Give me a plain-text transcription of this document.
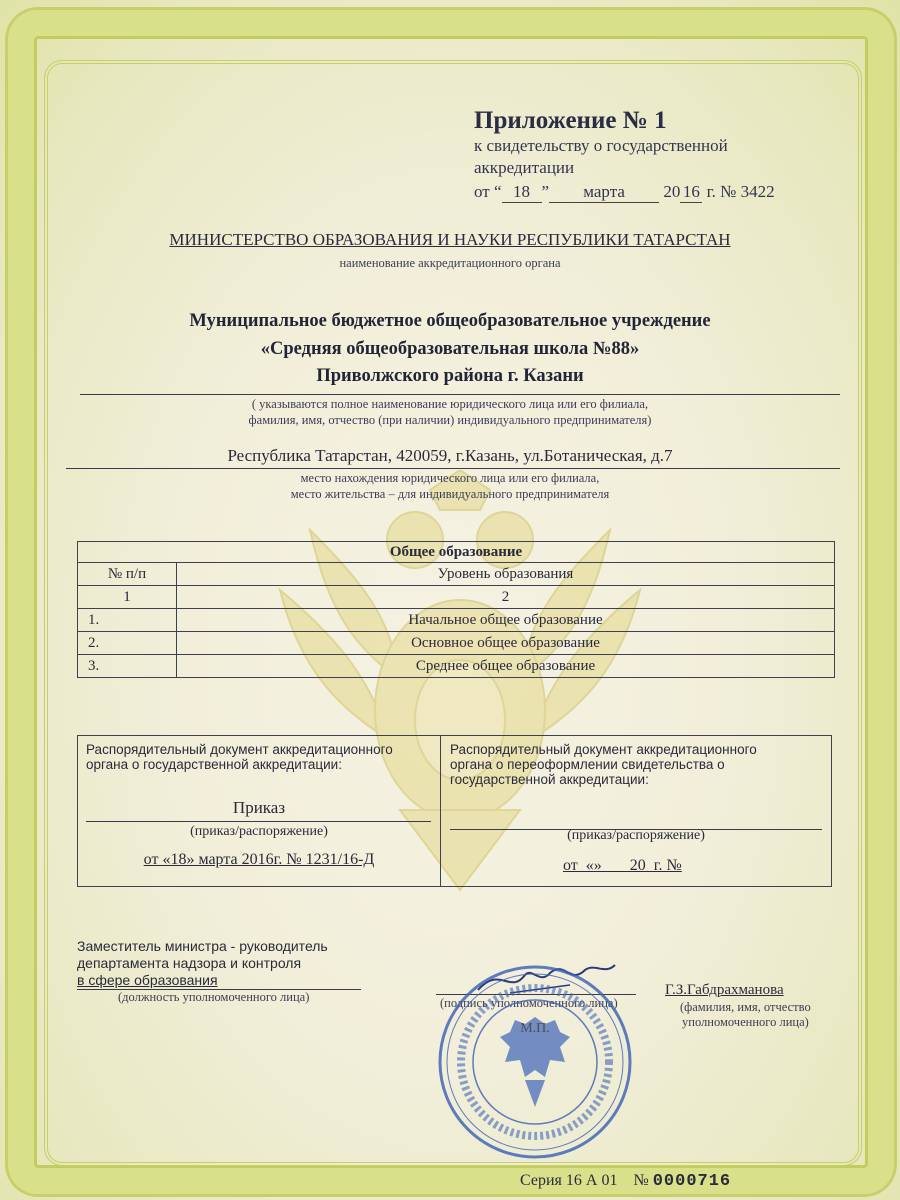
Приложение № 1
к свидетельству о государственной
аккредитации
от “ 18 ” марта 20 16 г. № 3422
МИНИСТЕРСТВО ОБРАЗОВАНИЯ И НАУКИ РЕСПУБЛИКИ ТАТАРСТАН
наименование аккредитационного органа
Муниципальное бюджетное общеобразовательное учреждение
«Средняя общеобразовательная школа №88»
Приволжского района г. Казани
( указываются полное наименование юридического лица или его филиала,
фамилия, имя, отчество (при наличии) индивидуального предпринимателя)
Республика Татарстан, 420059, г.Казань, ул.Ботаническая, д.7
место нахождения юридического лица или его филиала,
место жительства – для индивидуального предпринимателя
Общее образование	
№ п/п	Уровень образования
1	2
1.	Начальное общее образование
2.	Основное общее образование
3.	Среднее общее образование
Распорядительный документ аккредитационного
органа о государственной аккредитации:
Приказ
(приказ/распоряжение)
от «18» марта 2016г. № 1231/16-Д
Распорядительный документ аккредитационного
органа о переоформлении свидетельства о
государственной аккредитации:
(приказ/распоряжение)
от  «»       20  г. №
Заместитель министра - руководитель
департамента надзора и контроля
в сфере образования
(должность уполномоченного лица)	(подпись уполномоченного лица)
Г.З.Габдрахманова
(фамилия, имя, отчество
уполномоченного лица)
М.П.
Серия 16 А 01 № 0000716
